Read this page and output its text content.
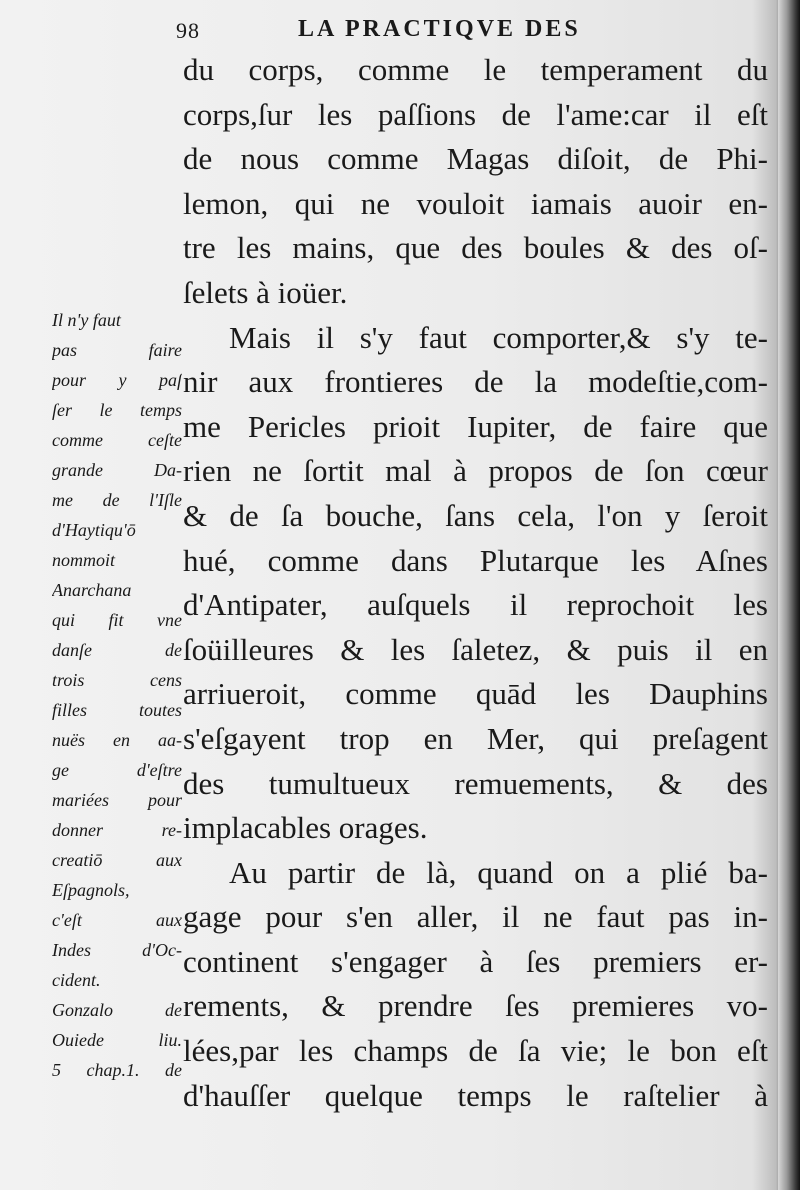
98	LA PRACTIQVE DES
du corps, comme le temperament du
corps,ſur les paſſions de l'ame:car il eſt
de nous comme Magas diſoit, de Phi-
lemon, qui ne vouloit iamais auoir en-
tre les mains, que des boules & des oſ-
ſelets à ioüer.
Mais il s'y faut comporter,& s'y te-
nir aux frontieres de la modeſtie,com-
me Pericles prioit Iupiter, de faire que
rien ne ſortit mal à propos de ſon cœur
& de ſa bouche, ſans cela, l'on y ſeroit
hué, comme dans Plutarque les Aſnes
d'Antipater, auſquels il reprochoit les
ſoüilleures & les ſaletez, & puis il en
arriueroit, comme quād les Dauphins
s'eſgayent trop en Mer, qui preſagent
des tumultueux remuements, & des
implacables orages.
Au partir de là, quand on a plié ba-
gage pour s'en aller, il ne faut pas in-
continent s'engager à ſes premiers er-
rements, & prendre ſes premieres vo-
lées,par les champs de ſa vie; le bon eſt
d'hauſſer quelque temps le raſtelier à
Il n'y faut
pas faire
pour y paſ
ſer le temps
comme ceſte
grande Da-
me de l'Iſle
d'Haytiqu'ō
nommoit
Anarchana
qui fit vne
danſe de
trois cens
filles toutes
nuës en aa-
ge d'eſtre
mariées pour
donner re-
creatiō aux
Eſpagnols,
c'eſt aux
Indes d'Oc-
cident.
Gonzalo de
Ouiede liu.
5 chap.1. de
